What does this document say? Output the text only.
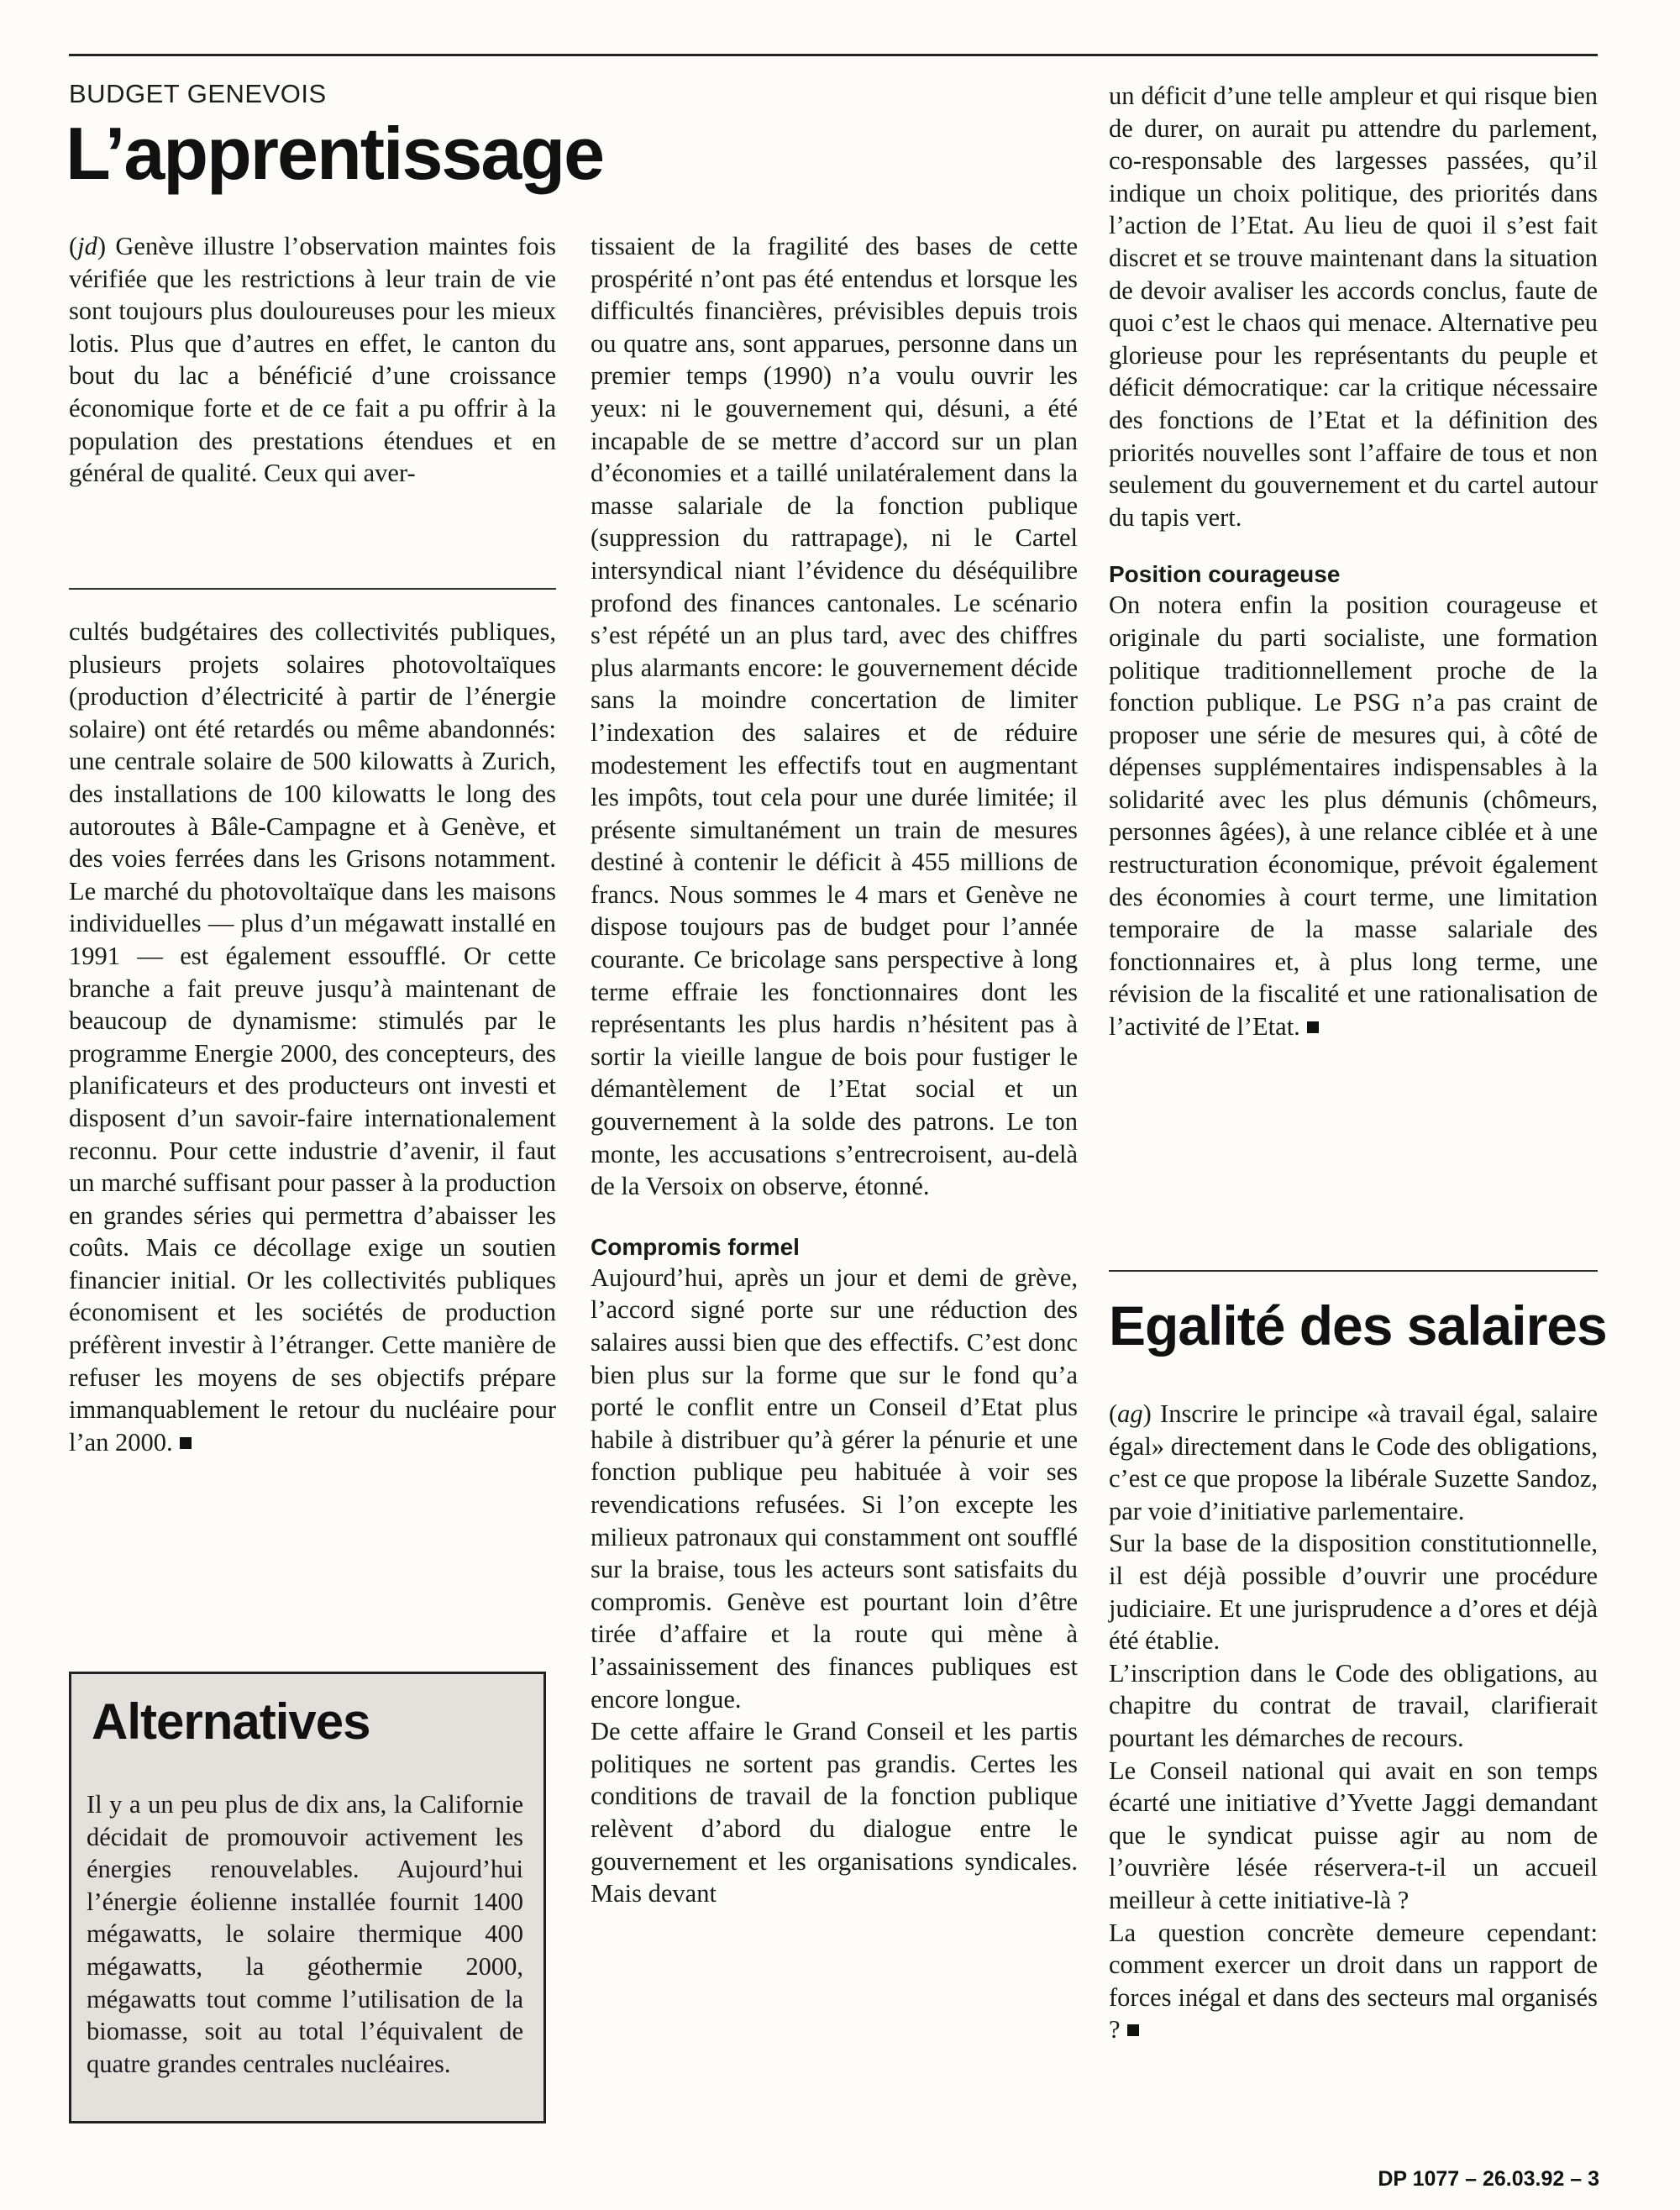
BUDGET GENEVOIS
L’apprentissage

(jd) Genève illustre l’observation maintes fois vérifiée que les restrictions à leur train de vie sont toujours plus douloureuses pour les mieux lotis. Plus que d’autres en effet, le canton du bout du lac a bénéficié d’une croissance économique forte et de ce fait a pu offrir à la population des prestations étendues et en général de qualité. Ceux qui aver-

cultés budgétaires des collectivités publiques, plusieurs projets solaires photovoltaïques (production d’électricité à partir de l’énergie solaire) ont été retardés ou même abandonnés: une centrale solaire de 500 kilowatts à Zurich, des installations de 100 kilowatts le long des autoroutes à Bâle-Campagne et à Genève, et des voies ferrées dans les Grisons notamment. Le marché du photovoltaïque dans les maisons individuelles — plus d’un mégawatt installé en 1991 — est également essoufflé. Or cette branche a fait preuve jusqu’à maintenant de beaucoup de dynamisme: stimulés par le programme Energie 2000, des concepteurs, des planificateurs et des producteurs ont investi et disposent d’un savoir-faire internationalement reconnu. Pour cette industrie d’avenir, il faut un marché suffisant pour passer à la production en grandes séries qui permettra d’abaisser les coûts. Mais ce décollage exige un soutien financier initial. Or les collectivités publiques économisent et les sociétés de production préfèrent investir à l’étranger. Cette manière de refuser les moyens de ses objectifs prépare immanquablement le retour du nucléaire pour l’an 2000.

Alternatives

Il y a un peu plus de dix ans, la Californie décidait de promouvoir activement les énergies renouvelables. Aujourd’hui l’énergie éolienne installée fournit 1400 mégawatts, le solaire thermique 400 mégawatts, la géothermie 2000, mégawatts tout comme l’utilisation de la biomasse, soit au total l’équivalent de quatre grandes centrales nucléaires.

tissaient de la fragilité des bases de cette prospérité n’ont pas été entendus et lorsque les difficultés financières, prévisibles depuis trois ou quatre ans, sont apparues, personne dans un premier temps (1990) n’a voulu ouvrir les yeux: ni le gouvernement qui, désuni, a été incapable de se mettre d’accord sur un plan d’économies et a taillé unilatéralement dans la masse salariale de la fonction publique (suppression du rattrapage), ni le Cartel intersyndical niant l’évidence du déséquilibre profond des finances cantonales. Le scénario s’est répété un an plus tard, avec des chiffres plus alarmants encore: le gouvernement décide sans la moindre concertation de limiter l’indexation des salaires et de réduire modestement les effectifs tout en augmentant les impôts, tout cela pour une durée limitée; il présente simultanément un train de mesures destiné à contenir le déficit à 455 millions de francs. Nous sommes le 4 mars et Genève ne dispose toujours pas de budget pour l’année courante. Ce bricolage sans perspective à long terme effraie les fonctionnaires dont les représentants les plus hardis n’hésitent pas à sortir la vieille langue de bois pour fustiger le démantèlement de l’Etat social et un gouvernement à la solde des patrons. Le ton monte, les accusations s’entrecroisent, au-delà de la Versoix on observe, étonné.

Compromis formel

Aujourd’hui, après un jour et demi de grève, l’accord signé porte sur une réduction des salaires aussi bien que des effectifs. C’est donc bien plus sur la forme que sur le fond qu’a porté le conflit entre un Conseil d’Etat plus habile à distribuer qu’à gérer la pénurie et une fonction publique peu habituée à voir ses revendications refusées. Si l’on excepte les milieux patronaux qui constamment ont soufflé sur la braise, tous les acteurs sont satisfaits du compromis. Genève est pourtant loin d’être tirée d’affaire et la route qui mène à l’assainissement des finances publiques est encore longue.

De cette affaire le Grand Conseil et les partis politiques ne sortent pas grandis. Certes les conditions de travail de la fonction publique relèvent d’abord du dialogue entre le gouvernement et les organisations syndicales. Mais devant

un déficit d’une telle ampleur et qui risque bien de durer, on aurait pu attendre du parlement, co-responsable des largesses passées, qu’il indique un choix politique, des priorités dans l’action de l’Etat. Au lieu de quoi il s’est fait discret et se trouve maintenant dans la situation de devoir avaliser les accords conclus, faute de quoi c’est le chaos qui menace. Alternative peu glorieuse pour les représentants du peuple et déficit démocratique: car la critique nécessaire des fonctions de l’Etat et la définition des priorités nouvelles sont l’affaire de tous et non seulement du gouvernement et du cartel autour du tapis vert.

Position courageuse

On notera enfin la position courageuse et originale du parti socialiste, une formation politique traditionnellement proche de la fonction publique. Le PSG n’a pas craint de proposer une série de mesures qui, à côté de dépenses supplémentaires indispensables à la solidarité avec les plus démunis (chômeurs, personnes âgées), à une relance ciblée et à une restructuration économique, prévoit également des économies à court terme, une limitation temporaire de la masse salariale des fonctionnaires et, à plus long terme, une révision de la fiscalité et une rationalisation de l’activité de l’Etat.

Egalité des salaires

(ag) Inscrire le principe «à travail égal, salaire égal» directement dans le Code des obligations, c’est ce que propose la libérale Suzette Sandoz, par voie d’initiative parlementaire.

Sur la base de la disposition constitutionnelle, il est déjà possible d’ouvrir une procédure judiciaire. Et une jurisprudence a d’ores et déjà été établie.

L’inscription dans le Code des obligations, au chapitre du contrat de travail, clarifierait pourtant les démarches de recours.

Le Conseil national qui avait en son temps écarté une initiative d’Yvette Jaggi demandant que le syndicat puisse agir au nom de l’ouvrière lésée réservera-t-il un accueil meilleur à cette initiative-là ?

La question concrète demeure cependant: comment exercer un droit dans un rapport de forces inégal et dans des secteurs mal organisés ?

DP 1077 – 26.03.92 – 3
